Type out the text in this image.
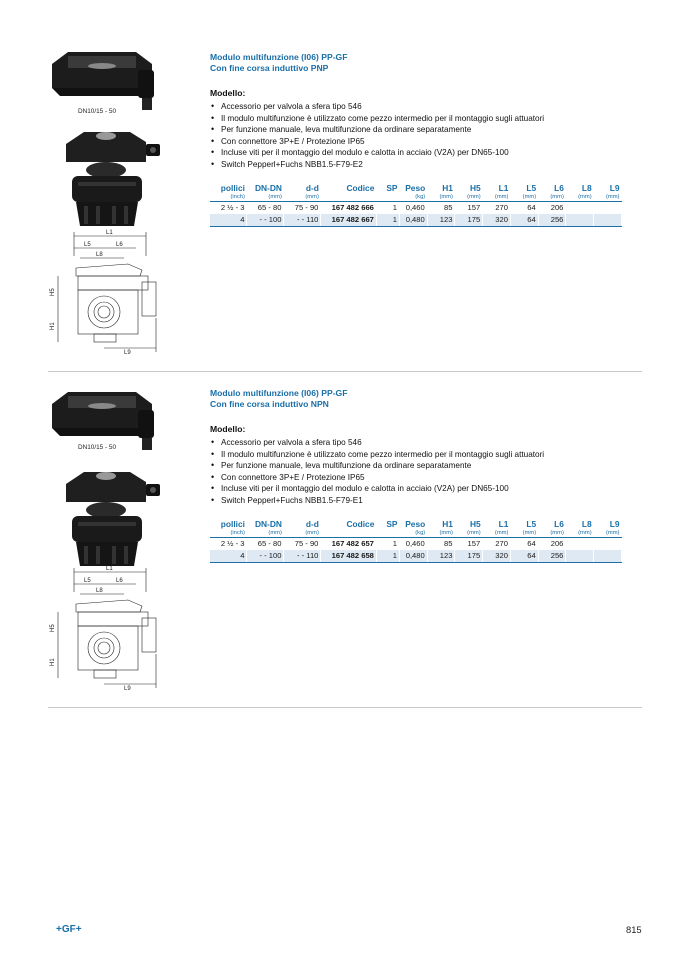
DN10/15 - 50
L1
L5	L6
L8
H5
H1
L9
Modulo multifunzione (I06) PP-GF
Con fine corsa induttivo PNP
Modello:
• Accessorio per valvola a sfera tipo 546
• Il modulo multifunzione è utilizzato come pezzo intermedio per il montaggio sugli attuatori
• Per funzione manuale, leva multifunzione da ordinare separatamente
• Con connettore 3P+E / Protezione IP65
• Incluse viti per il montaggio del modulo e calotta in acciaio (V2A) per DN65-100
• Switch Pepperl+Fuchs NBB1.5-F79-E2
pollici	DN-DN	d-d	Codice	SP	Peso	H1	H5	L1	L5	L6	L8	L9
(inch)	(mm)	(mm)			(kg)	(mm)	(mm)	(mm)	(mm)	(mm)	(mm)	(mm)
2 ½ - 3	65 - 80	75 - 90	167 482 666	1	0,460	85	157	270	64	206		
4	- - 100	- - 110	167 482 667	1	0,480	123	175	320	64	256		
DN10/15 - 50
L1
L5	L6
L8
H5
H1
L9
Modulo multifunzione (I06) PP-GF
Con fine corsa induttivo NPN
Modello:
• Accessorio per valvola a sfera tipo 546
• Il modulo multifunzione è utilizzato come pezzo intermedio per il montaggio sugli attuatori
• Per funzione manuale, leva multifunzione da ordinare separatamente
• Con connettore 3P+E / Protezione IP65
• Incluse viti per il montaggio del modulo e calotta in acciaio (V2A) per DN65-100
• Switch Pepperl+Fuchs NBB1.5-F79-E1
pollici	DN-DN	d-d	Codice	SP	Peso	H1	H5	L1	L5	L6	L8	L9
(inch)	(mm)	(mm)			(kg)	(mm)	(mm)	(mm)	(mm)	(mm)	(mm)	(mm)
2 ½ - 3	65 - 80	75 - 90	167 482 657	1	0,460	85	157	270	64	206		
4	- - 100	- - 110	167 482 658	1	0,480	123	175	320	64	256		
+GF+	815
